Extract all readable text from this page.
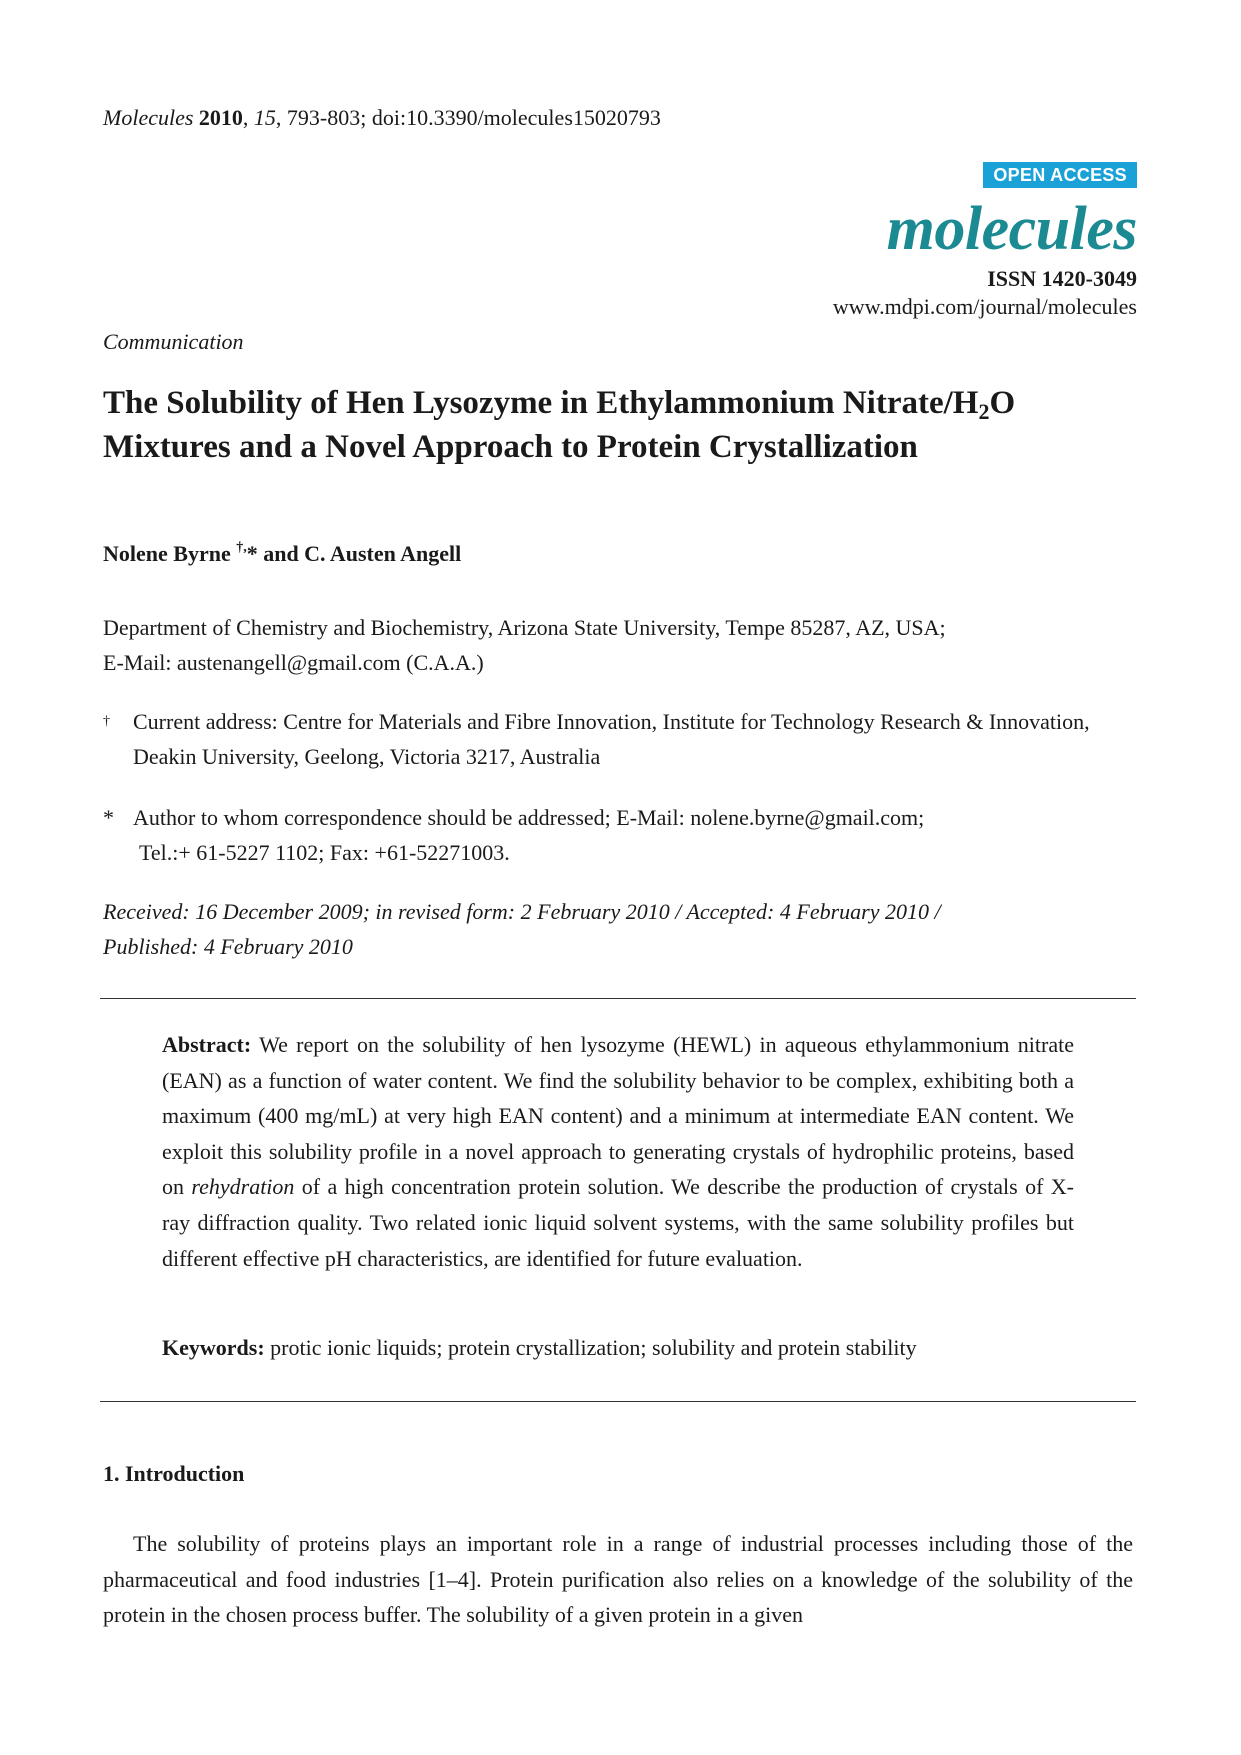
Molecules 2010, 15, 793-803; doi:10.3390/molecules15020793
OPEN ACCESS
molecules
ISSN 1420-3049
www.mdpi.com/journal/molecules
Communication
The Solubility of Hen Lysozyme in Ethylammonium Nitrate/$H_2O$ Mixtures and a Novel Approach to Protein Crystallization
Nolene Byrne †,* and C. Austen Angell
Department of Chemistry and Biochemistry, Arizona State University, Tempe 85287, AZ, USA;
E-Mail: austenangell@gmail.com (C.A.A.)
† Current address: Centre for Materials and Fibre Innovation, Institute for Technology Research & Innovation, Deakin University, Geelong, Victoria 3217, Australia
* Author to whom correspondence should be addressed; E-Mail: nolene.byrne@gmail.com;
Tel.:+ 61-5227 1102; Fax: +61-52271003.
Received: 16 December 2009; in revised form: 2 February 2010 / Accepted: 4 February 2010 /
Published: 4 February 2010
Abstract: We report on the solubility of hen lysozyme (HEWL) in aqueous ethylammonium nitrate (EAN) as a function of water content. We find the solubility behavior to be complex, exhibiting both a maximum (400 mg/mL) at very high EAN content) and a minimum at intermediate EAN content. We exploit this solubility profile in a novel approach to generating crystals of hydrophilic proteins, based on rehydration of a high concentration protein solution. We describe the production of crystals of X-ray diffraction quality. Two related ionic liquid solvent systems, with the same solubility profiles but different effective pH characteristics, are identified for future evaluation.
Keywords: protic ionic liquids; protein crystallization; solubility and protein stability
1. Introduction
The solubility of proteins plays an important role in a range of industrial processes including those of the pharmaceutical and food industries [1–4]. Protein purification also relies on a knowledge of the solubility of the protein in the chosen process buffer. The solubility of a given protein in a given
